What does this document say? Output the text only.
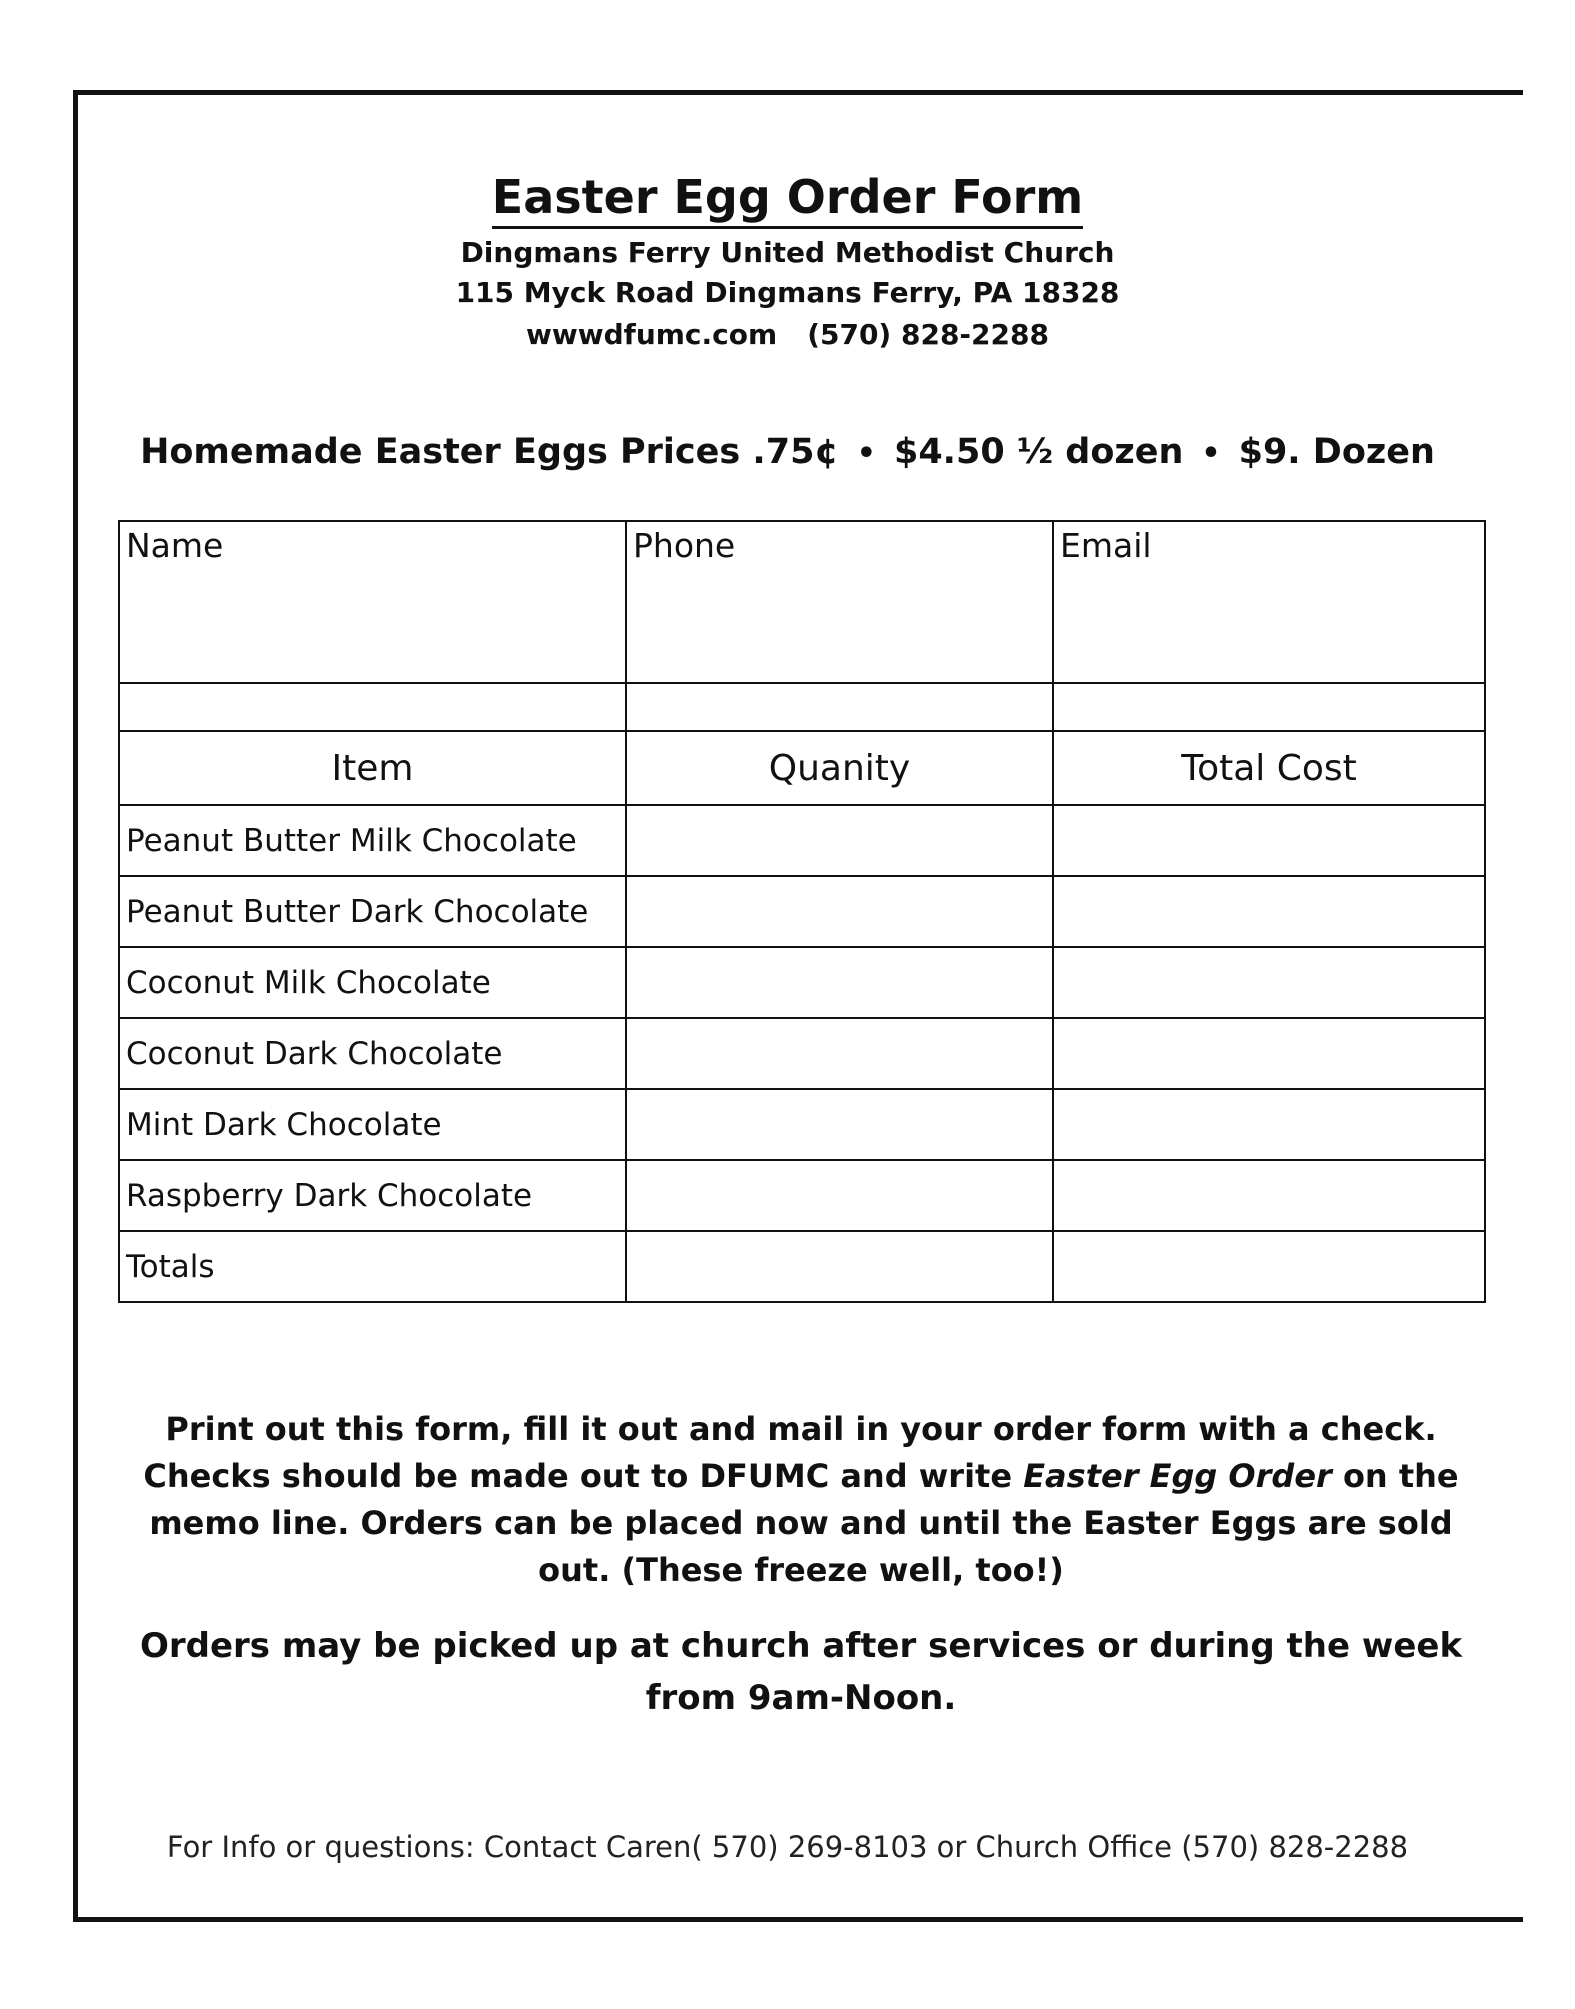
Easter Egg Order Form
Dingmans Ferry United Methodist Church
115 Myck Road Dingmans Ferry, PA 18328
wwwdfumc.com (570) 828-2288
Homemade Easter Eggs Prices .75¢ • $4.50 ½ dozen • $9. Dozen
Name	Phone	Email

Item	Quanity	Total Cost
Peanut Butter Milk Chocolate		
Peanut Butter Dark Chocolate		
Coconut Milk Chocolate		
Coconut Dark Chocolate		
Mint Dark Chocolate		
Raspberry Dark Chocolate		
Totals		
Print out this form, fill it out and mail in your order form with a check. Checks should be made out to DFUMC and write Easter Egg Order on the memo line. Orders can be placed now and until the Easter Eggs are sold out. (These freeze well, too!)
Orders may be picked up at church after services or during the week from 9am-Noon.
For Info or questions: Contact Caren( 570) 269-8103 or Church Office (570) 828-2288
